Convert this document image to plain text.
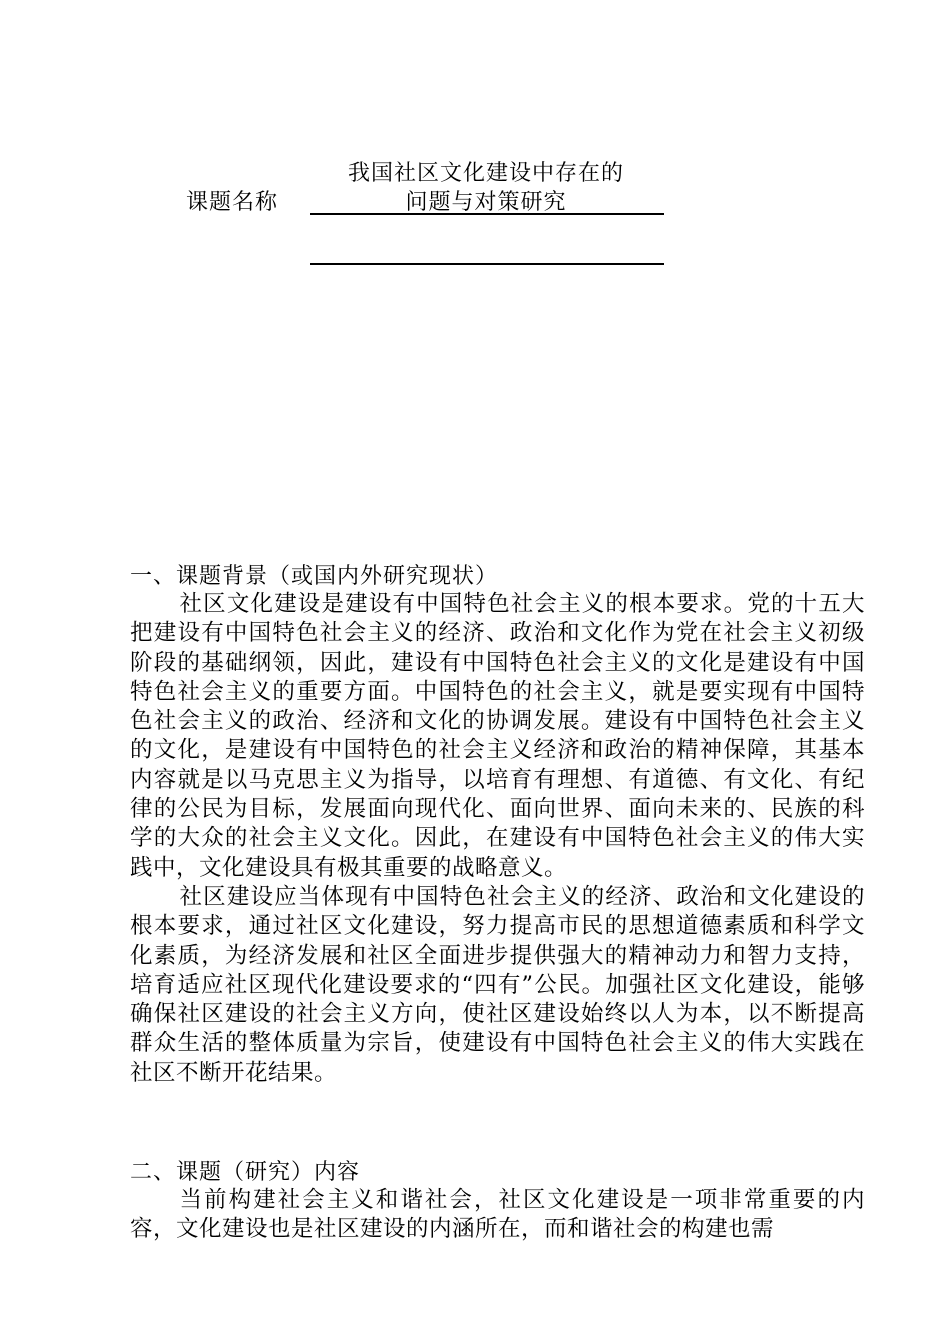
我国社区文化建设中存在的
课题名称	问题与对策研究

一、课题背景（或国内外研究现状）

社区文化建设是建设有中国特色社会主义的根本要求。党的十五大把建设有中国特色社会主义的经济、政治和文化作为党在社会主义初级阶段的基础纲领，因此，建设有中国特色社会主义的文化是建设有中国特色社会主义的重要方面。中国特色的社会主义，就是要实现有中国特色社会主义的政治、经济和文化的协调发展。建设有中国特色社会主义的文化，是建设有中国特色的社会主义经济和政治的精神保障，其基本内容就是以马克思主义为指导，以培育有理想、有道德、有文化、有纪律的公民为目标，发展面向现代化、面向世界、面向未来的、民族的科学的大众的社会主义文化。因此，在建设有中国特色社会主义的伟大实践中，文化建设具有极其重要的战略意义。

社区建设应当体现有中国特色社会主义的经济、政治和文化建设的根本要求，通过社区文化建设，努力提高市民的思想道德素质和科学文化素质，为经济发展和社区全面进步提供强大的精神动力和智力支持，培育适应社区现代化建设要求的“四有”公民。加强社区文化建设，能够确保社区建设的社会主义方向，使社区建设始终以人为本，以不断提高群众生活的整体质量为宗旨，使建设有中国特色社会主义的伟大实践在社区不断开花结果。

二、课题（研究）内容

当前构建社会主义和谐社会，社区文化建设是一项非常重要的内容，文化建设也是社区建设的内涵所在，而和谐社会的构建也需
